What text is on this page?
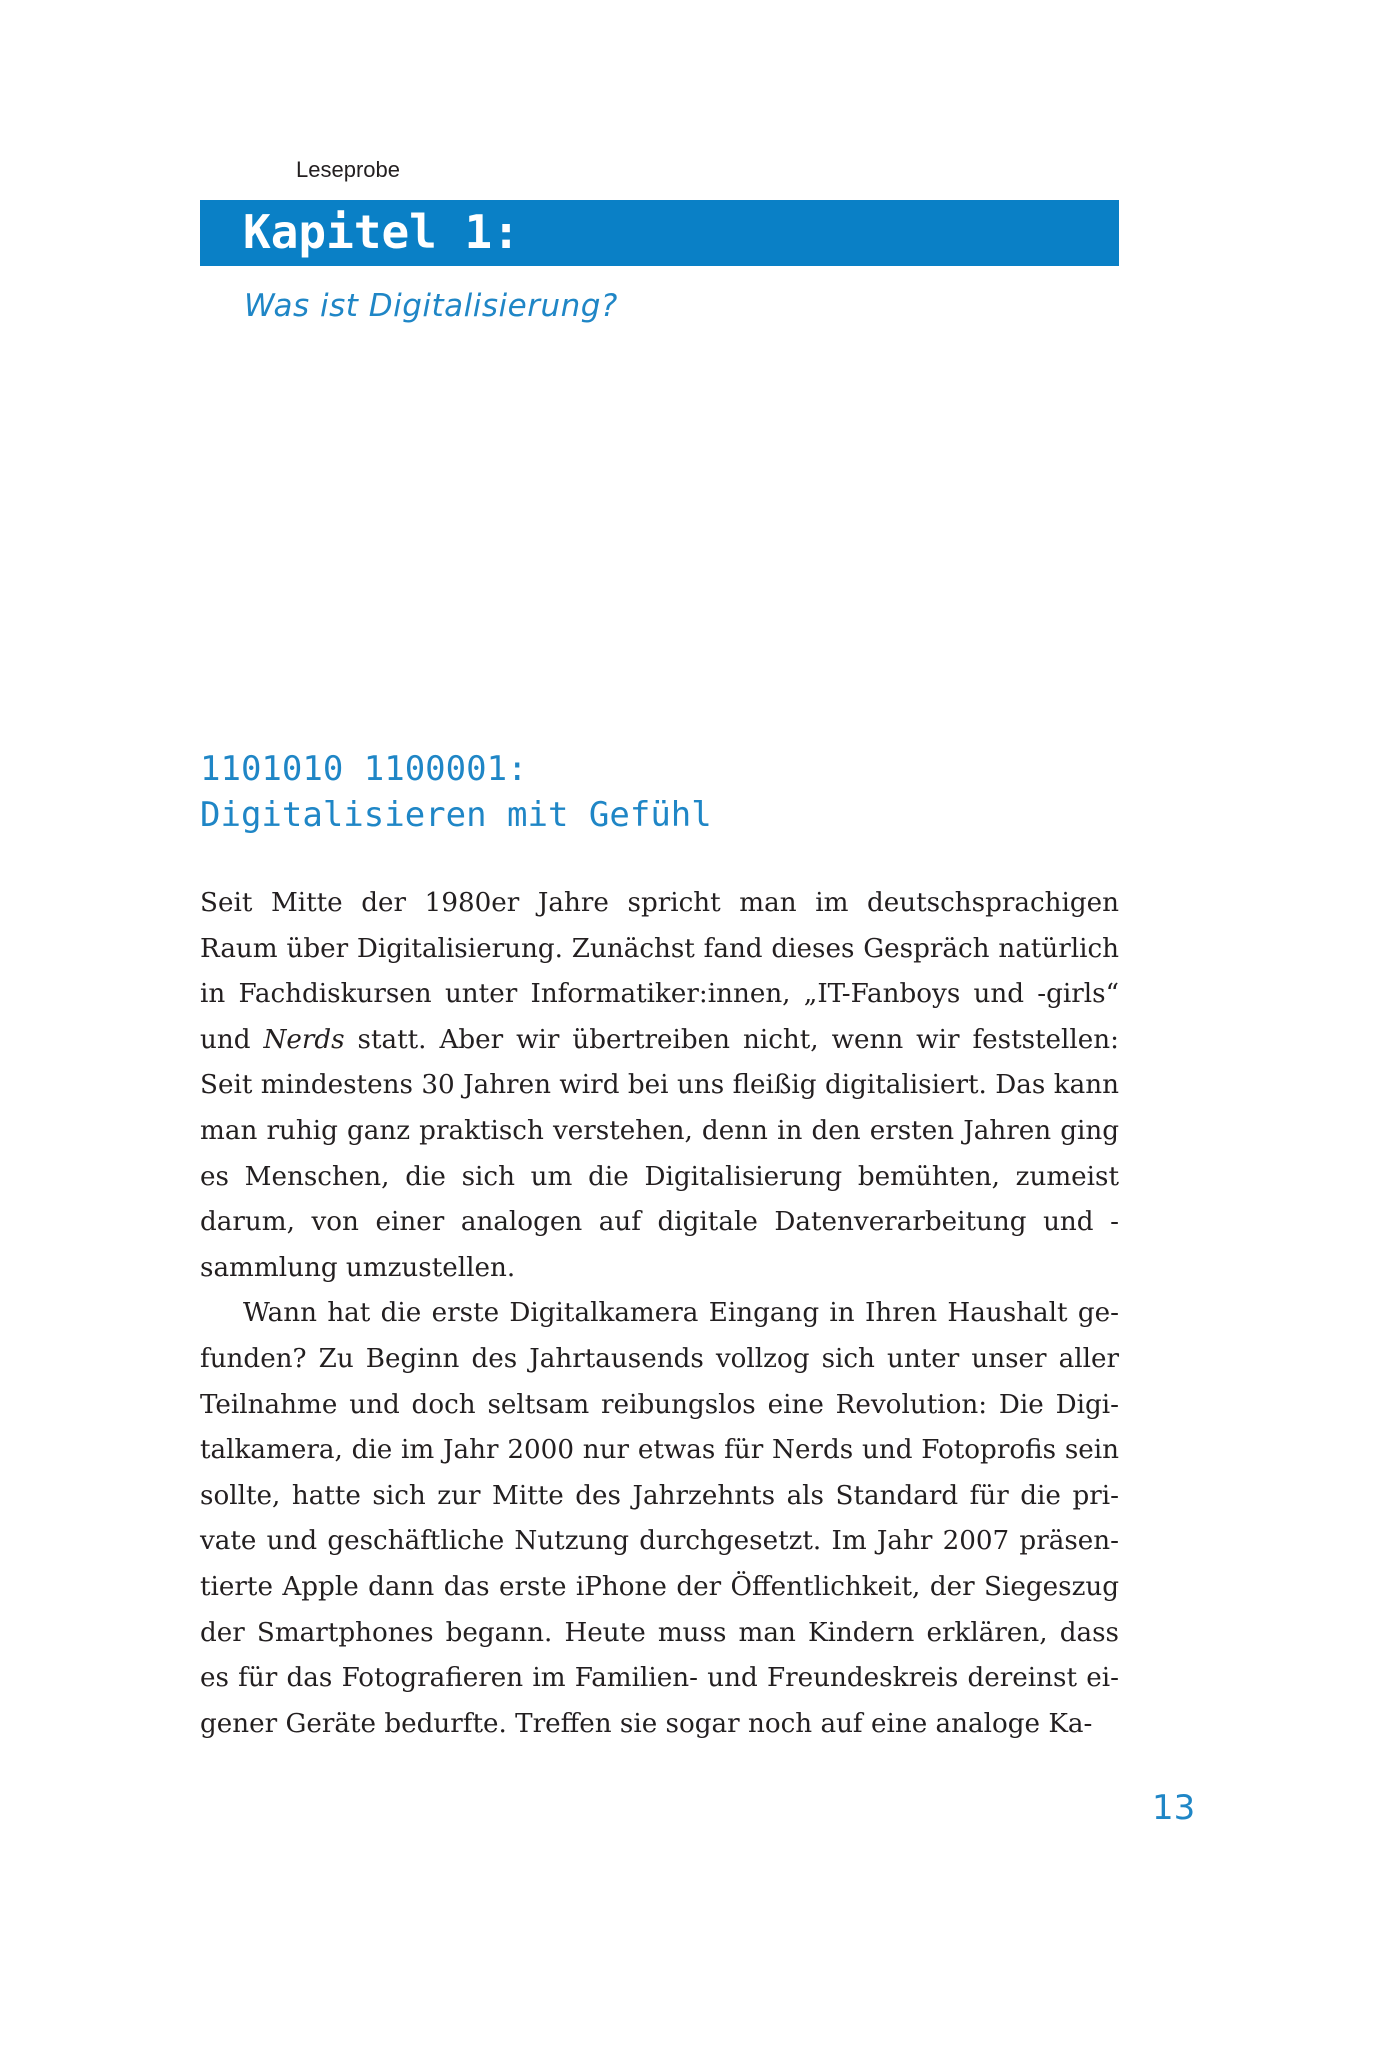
Leseprobe
Kapitel 1:
Was ist Digitalisierung?
1101010 1100001:
Digitalisieren mit Gefühl

Seit Mitte der 1980er Jahre spricht man im deutschsprachigen Raum über Digitalisierung. Zunächst fand dieses Gespräch natürlich in Fachdiskursen unter Informatiker:innen, „IT-Fanboys und -girls“ und Nerds statt. Aber wir übertreiben nicht, wenn wir feststellen: Seit mindestens 30 Jahren wird bei uns fleißig digitalisiert. Das kann man ruhig ganz praktisch verstehen, denn in den ersten Jahren ging es Menschen, die sich um die Digitalisierung bemühten, zumeist darum, von einer analogen auf digitale Datenverarbeitung und -sammlung umzustellen.

Wann hat die erste Digitalkamera Eingang in Ihren Haushalt gefunden? Zu Beginn des Jahrtausends vollzog sich unter unser aller Teilnahme und doch seltsam reibungslos eine Revolution: Die Digitalkamera, die im Jahr 2000 nur etwas für Nerds und Fotoprofis sein sollte, hatte sich zur Mitte des Jahrzehnts als Standard für die private und geschäftliche Nutzung durchgesetzt. Im Jahr 2007 präsentierte Apple dann das erste iPhone der Öffentlichkeit, der Siegeszug der Smartphones begann. Heute muss man Kindern erklären, dass es für das Fotografieren im Familien- und Freundeskreis dereinst eigener Geräte bedurfte. Treffen sie sogar noch auf eine analoge Ka-

13
